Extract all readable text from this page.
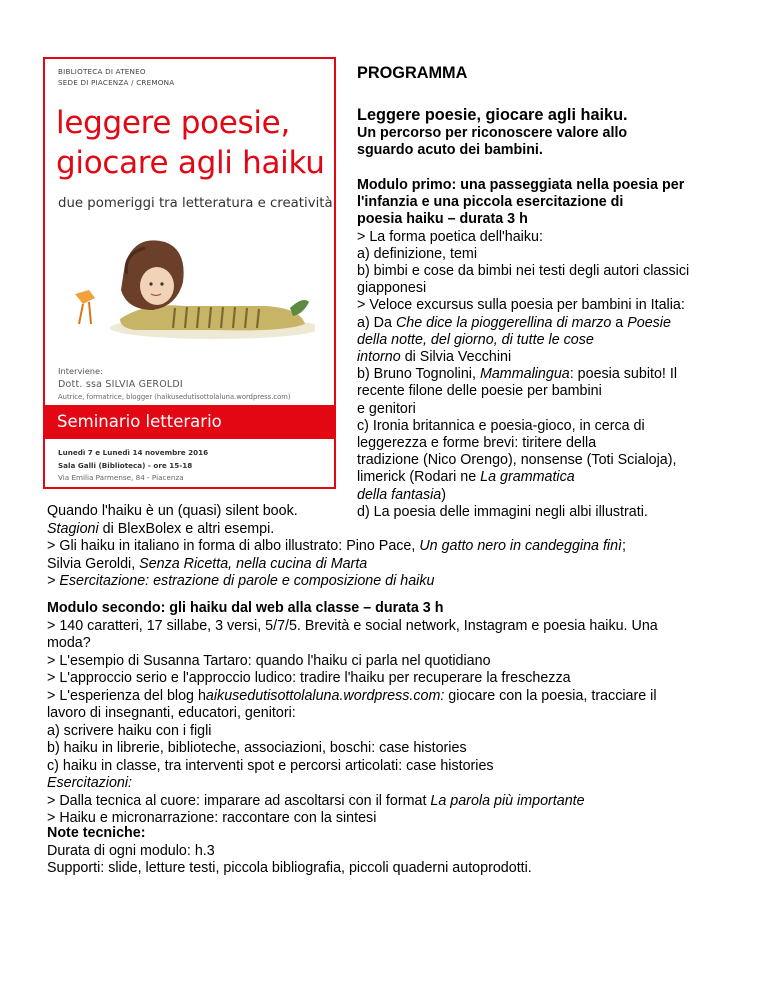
BIBLIOTECA DI ATENEO
SEDE DI PIACENZA / CREMONA
leggere poesie,
giocare agli haiku
due pomeriggi tra letteratura e creatività
Interviene:
Dott. ssa SILVIA GEROLDI
Autrice, formatrice, blogger (haikusedutisottolaluna.wordpress.com)
Seminario letterario
Lunedì 7 e Lunedì 14 novembre 2016
Sala Galli (Biblioteca) - ore 15-18
Via Emilia Parmense, 84 - Piacenza
PROGRAMMA
Leggere poesie, giocare agli haiku.
Un percorso per riconoscere valore allo
sguardo acuto dei bambini.
Modulo primo: una passeggiata nella poesia per
l'infanzia e una piccola esercitazione di
poesia haiku – durata 3 h
> La forma poetica dell'haiku:
a) definizione, temi
b) bimbi e cose da bimbi nei testi degli autori classici
giapponesi
> Veloce excursus sulla poesia per bambini in Italia:
a) Da Che dice la pioggerellina di marzo a Poesie
della notte, del giorno, di tutte le cose
intorno di Silvia Vecchini
b) Bruno Tognolini, Mammalingua: poesia subito! Il
recente filone delle poesie per bambini
e genitori
c) Ironia britannica e poesia-gioco, in cerca di
leggerezza e forme brevi: tiritere della
tradizione (Nico Orengo), nonsense (Toti Scialoja),
limerick (Rodari ne La grammatica
della fantasia)
d) La poesia delle immagini negli albi illustrati.
Quando l'haiku è un (quasi) silent book.
Stagioni di BlexBolex e altri esempi.
> Gli haiku in italiano in forma di albo illustrato: Pino Pace, Un gatto nero in candeggina finì;
Silvia Geroldi, Senza Ricetta, nella cucina di Marta
> Esercitazione: estrazione di parole e composizione di haiku
Modulo secondo: gli haiku dal web alla classe – durata 3 h
> 140 caratteri, 17 sillabe, 3 versi, 5/7/5. Brevità e social network, Instagram e poesia haiku. Una
moda?
> L'esempio di Susanna Tartaro: quando l'haiku ci parla nel quotidiano
> L'approccio serio e l'approccio ludico: tradire l'haiku per recuperare la freschezza
> L'esperienza del blog haikusedutisottolaluna.wordpress.com: giocare con la poesia, tracciare il
lavoro di insegnanti, educatori, genitori:
a) scrivere haiku con i figli
b) haiku in librerie, biblioteche, associazioni, boschi: case histories
c) haiku in classe, tra interventi spot e percorsi articolati: case histories
Esercitazioni:
> Dalla tecnica al cuore: imparare ad ascoltarsi con il format La parola più importante
> Haiku e micronarrazione: raccontare con la sintesi
Note tecniche:
Durata di ogni modulo: h.3
Supporti: slide, letture testi, piccola bibliografia, piccoli quaderni autoprodotti.
